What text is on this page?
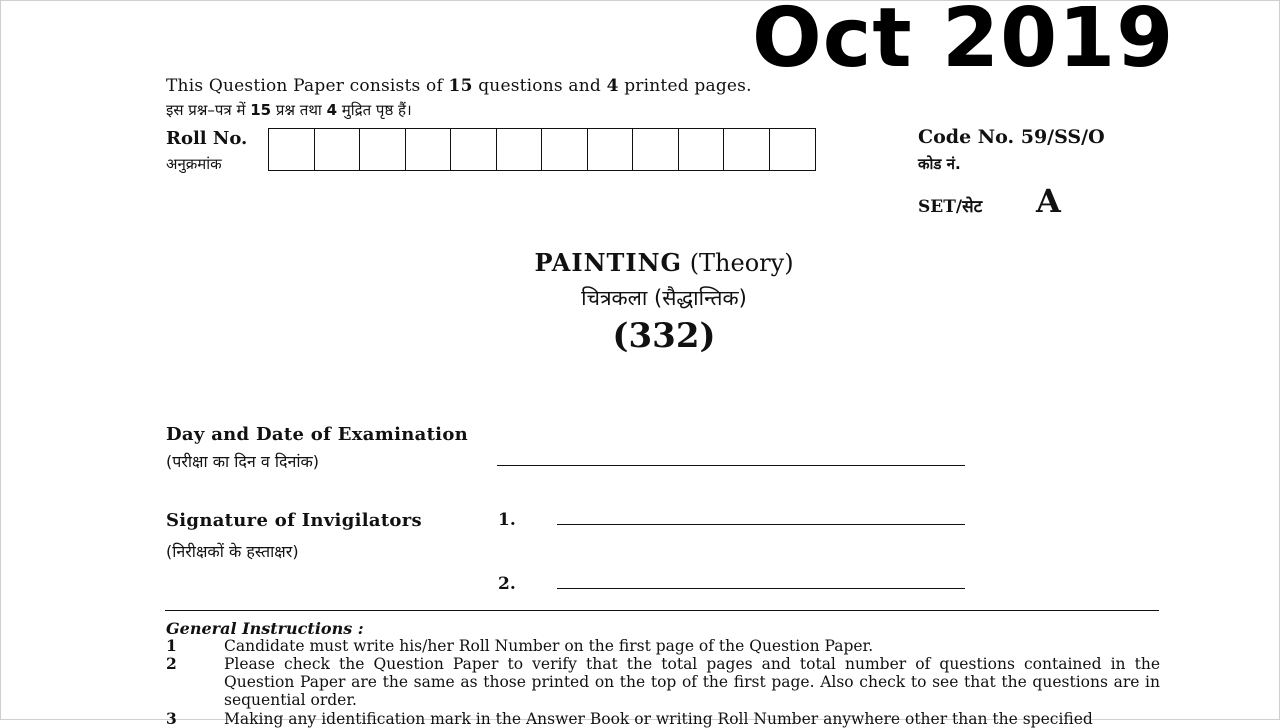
Oct 2019
This Question Paper consists of 15 questions and 4 printed pages.
इस प्रश्न–पत्र में 15 प्रश्न तथा 4 मुद्रित पृष्ठ हैं।
Roll No.
अनुक्रमांक
Code No. 59/SS/O
कोड नं.
SET/सेट A
PAINTING (Theory)
चित्रकला (सैद्धान्तिक)
(332)
Day and Date of Examination
(परीक्षा का दिन व दिनांक)
Signature of Invigilators
(निरीक्षकों के हस्ताक्षर)
1.
2.
General Instructions :
1	Candidate must write his/her Roll Number on the first page of the Question Paper.
2	Please check the Question Paper to verify that the total pages and total number of questions contained in the Question Paper are the same as those printed on the top of the first page. Also check to see that the questions are in sequential order.
3	Making any identification mark in the Answer Book or writing Roll Number anywhere other than the specified
